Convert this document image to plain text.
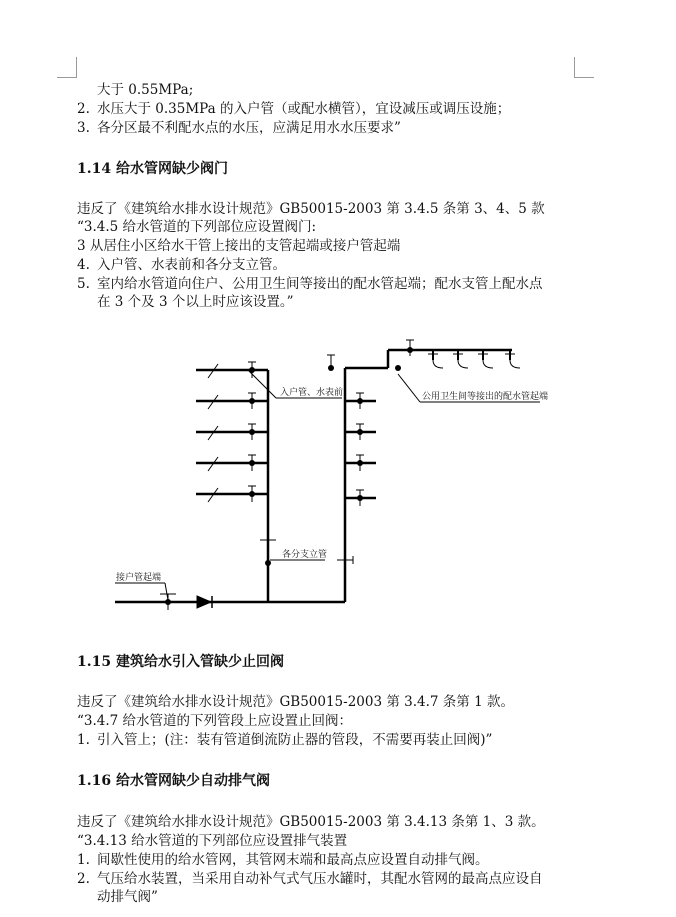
大于 0.55MPa;
2. 水压大于 0.35MPa 的入户管（或配水横管），宜设减压或调压设施；
3. 各分区最不利配水点的水压，应满足用水水压要求”
1.14 给水管网缺少阀门
违反了《建筑给水排水设计规范》GB50015-2003 第 3.4.5 条第 3、4、5 款
“3.4.5 给水管道的下列部位应设置阀门:
3 从居住小区给水干管上接出的支管起端或接户管起端
4. 入户管、水表前和各分支立管。
5. 室内给水管道向住户、公用卫生间等接出的配水管起端；配水支管上配水点
在 3 个及 3 个以上时应该设置。”
接户管起端
入户管、水表前
各分支立管
公用卫生间等接出的配水管起端
1.15 建筑给水引入管缺少止回阀
违反了《建筑给水排水设计规范》GB50015-2003 第 3.4.7 条第 1 款。
“3.4.7 给水管道的下列管段上应设置止回阀：
1. 引入管上；(注：装有管道倒流防止器的管段，不需要再装止回阀)”
1.16 给水管网缺少自动排气阀
违反了《建筑给水排水设计规范》GB50015-2003 第 3.4.13 条第 1、3 款。
“3.4.13 给水管道的下列部位应设置排气装置
1. 间歇性使用的给水管网，其管网末端和最高点应设置自动排气阀。
2. 气压给水装置，当采用自动补气式气压水罐时，其配水管网的最高点应设自
动排气阀”
